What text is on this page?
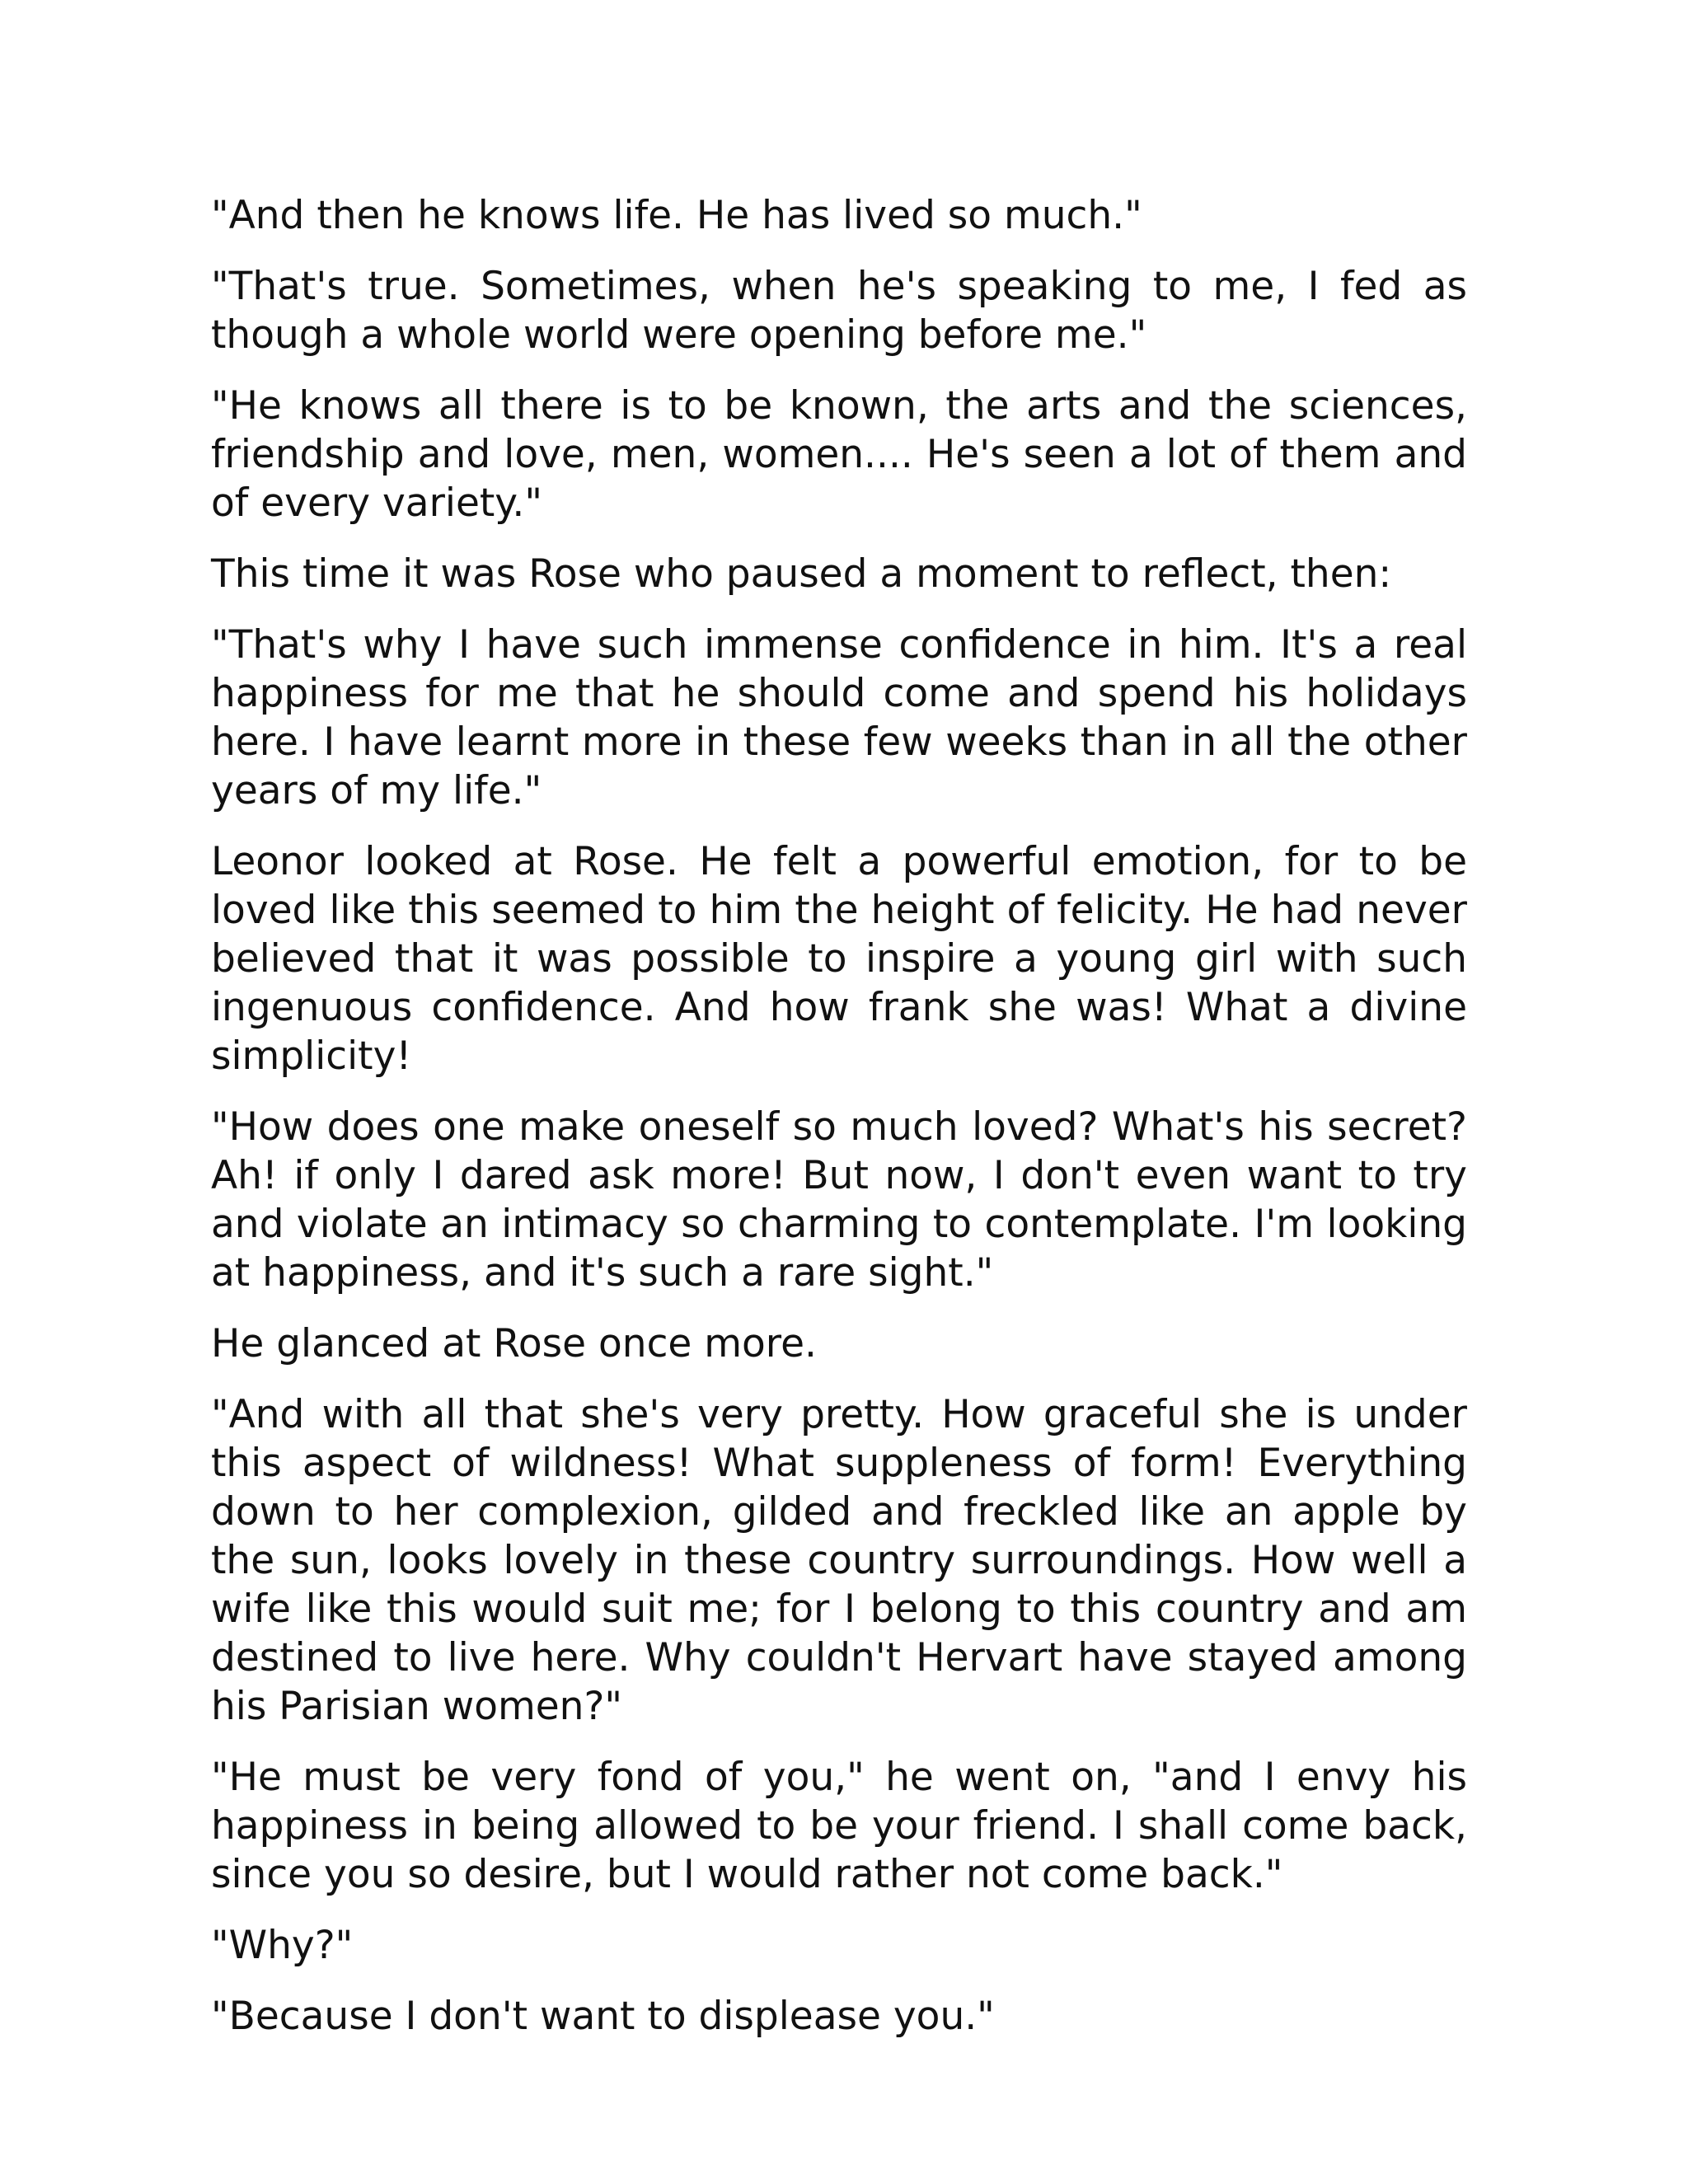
"And then he knows life. He has lived so much."

"That's true. Sometimes, when he's speaking to me, I fed as though a whole world were opening before me."

"He knows all there is to be known, the arts and the sciences, friendship and love, men, women.... He's seen a lot of them and of every variety."

This time it was Rose who paused a moment to reflect, then:

"That's why I have such immense confidence in him. It's a real happiness for me that he should come and spend his holidays here. I have learnt more in these few weeks than in all the other years of my life."

Leonor looked at Rose. He felt a powerful emotion, for to be loved like this seemed to him the height of felicity. He had never believed that it was possible to inspire a young girl with such ingenuous confidence. And how frank she was! What a divine simplicity!

"How does one make oneself so much loved? What's his secret? Ah! if only I dared ask more! But now, I don't even want to try and violate an intimacy so charming to contemplate. I'm looking at happiness, and it's such a rare sight."

He glanced at Rose once more.

"And with all that she's very pretty. How graceful she is under this aspect of wildness! What suppleness of form! Everything down to her complexion, gilded and freckled like an apple by the sun, looks lovely in these country surroundings. How well a wife like this would suit me; for I belong to this country and am destined to live here. Why couldn't Hervart have stayed among his Parisian women?"

"He must be very fond of you," he went on, "and I envy his happiness in being allowed to be your friend. I shall come back, since you so desire, but I would rather not come back."

"Why?"

"Because I don't want to displease you."
